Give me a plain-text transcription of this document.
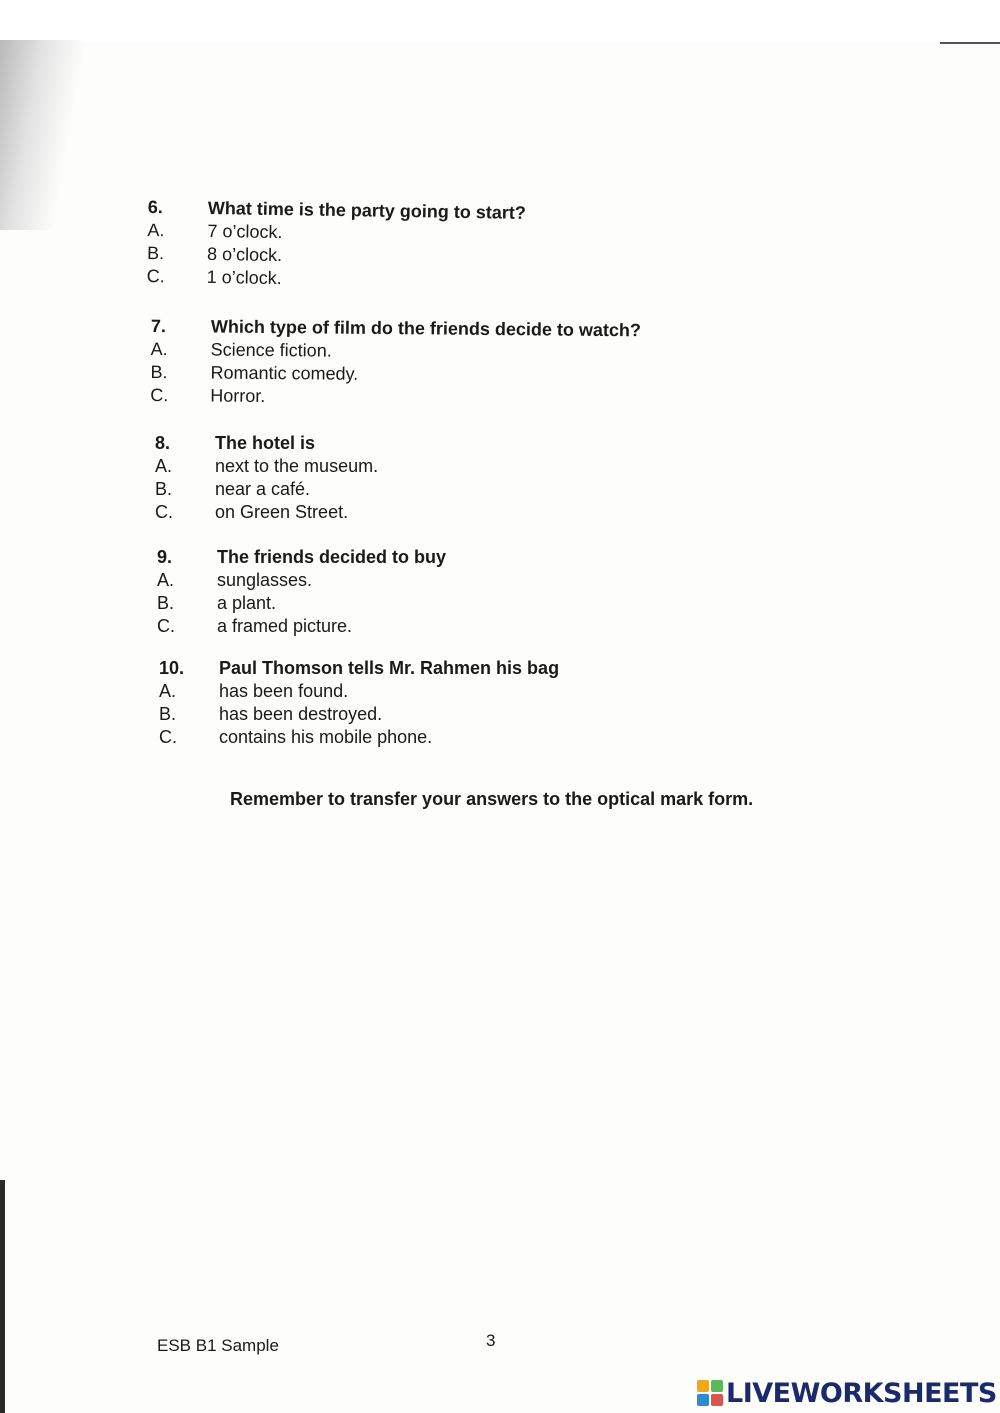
6.	What time is the party going to start?
A.	7 o’clock.
B.	8 o’clock.
C.	1 o’clock.
7.	Which type of film do the friends decide to watch?
A.	Science fiction.
B.	Romantic comedy.
C.	Horror.
8.	The hotel is
A.	next to the museum.
B.	near a café.
C.	on Green Street.
9.	The friends decided to buy
A.	sunglasses.
B.	a plant.
C.	a framed picture.
10.	Paul Thomson tells Mr. Rahmen his bag
A.	has been found.
B.	has been destroyed.
C.	contains his mobile phone.
Remember to transfer your answers to the optical mark form.
ESB B1 Sample	3
LIVEWORKSHEETS
